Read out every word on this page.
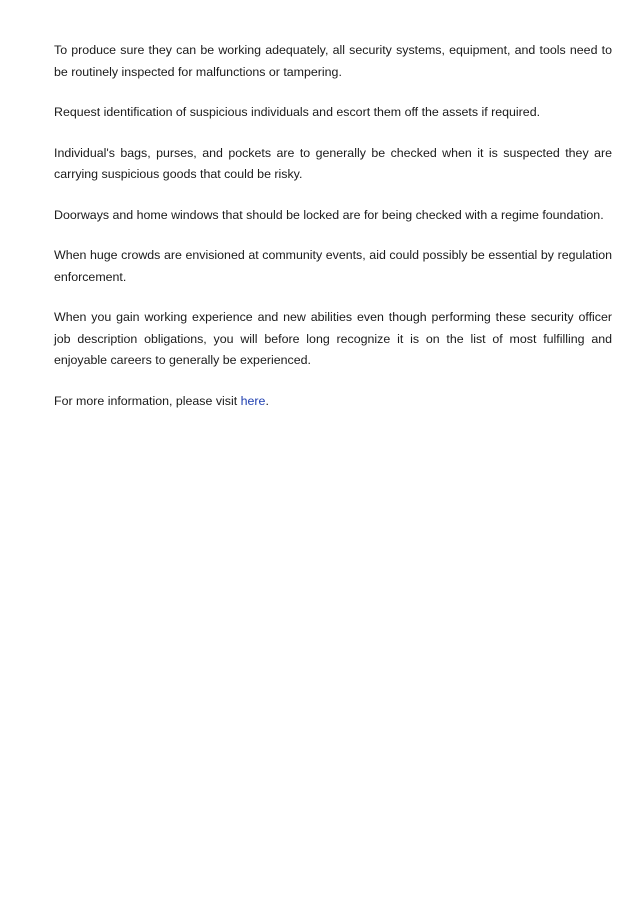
To produce sure they can be working adequately, all security systems, equipment, and tools need to be routinely inspected for malfunctions or tampering.

Request identification of suspicious individuals and escort them off the assets if required.

Individual's bags, purses, and pockets are to generally be checked when it is suspected they are carrying suspicious goods that could be risky.

Doorways and home windows that should be locked are for being checked with a regime foundation.

When huge crowds are envisioned at community events, aid could possibly be essential by regulation enforcement.

When you gain working experience and new abilities even though performing these security officer job description obligations, you will before long recognize it is on the list of most fulfilling and enjoyable careers to generally be experienced.

For more information, please visit here.
